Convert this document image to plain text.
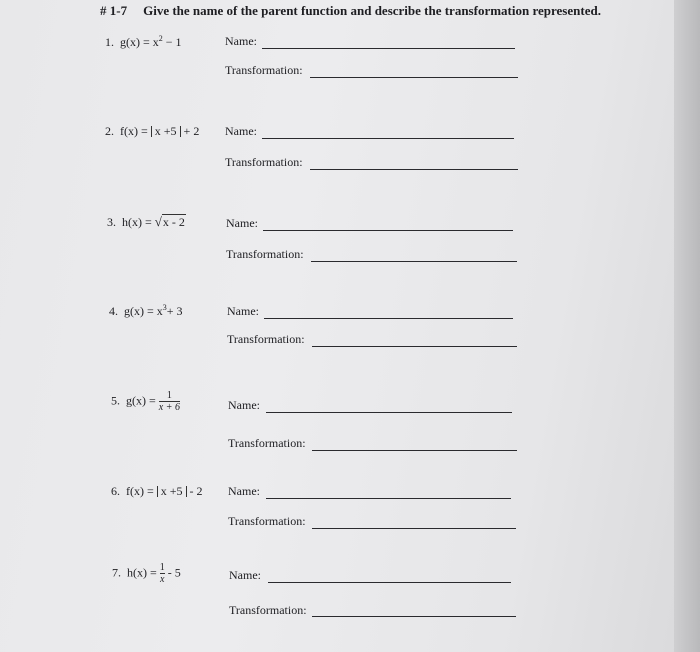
# 1-7 Give the name of the parent function and describe the transformation represented.
1. $g(x) = x^2 - 1$	Name:
Transformation:
2. f(x) = x +5 + 2 Name:
Transformation:
3. h(x) = √x - 2	Name:
Transformation:
4. $g(x) = x^3+ 3$	Name:
Transformation:
5. $g(x) = \frac{1}{x + 6}$	Name:
Transformation:
6. f(x) = x +5 - 2 Name:
Transformation:
7. $h(x) = \frac{1}{x} - 5$	Name:
Transformation:
